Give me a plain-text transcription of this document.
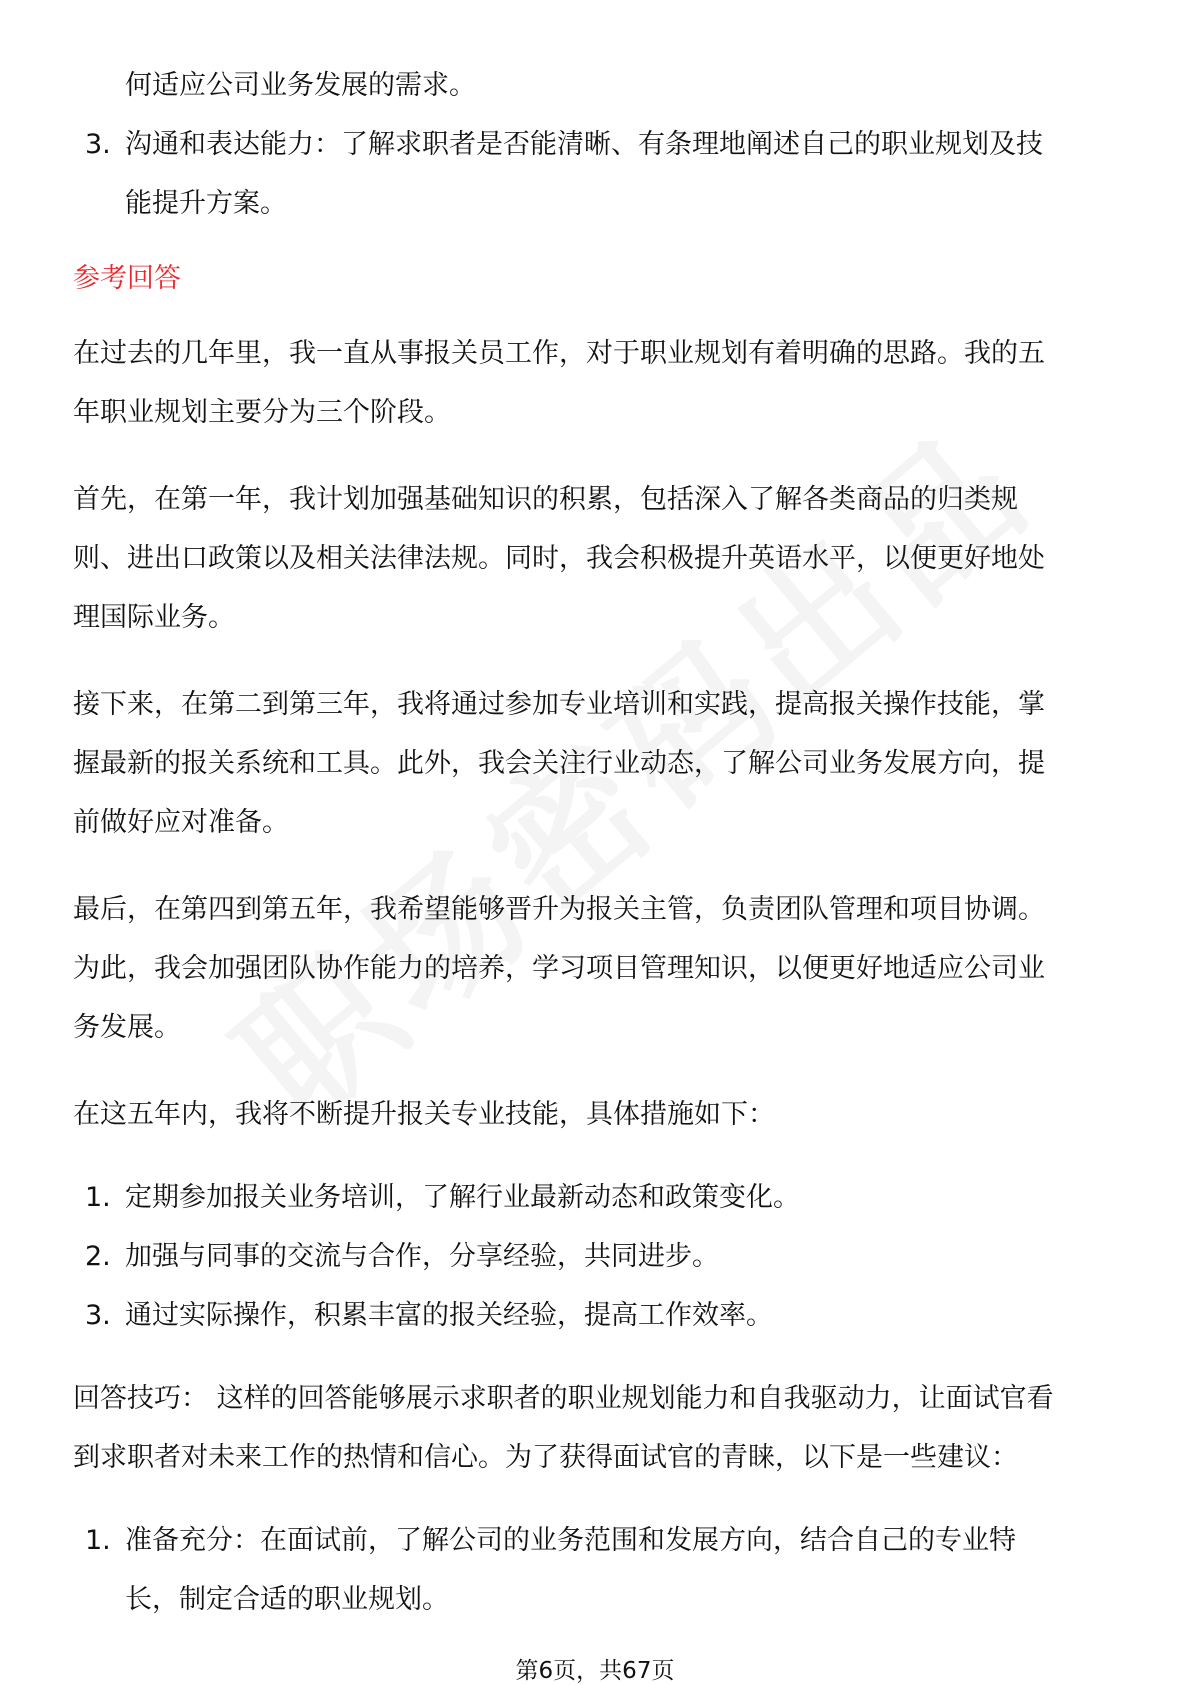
何适应公司业务发展的需求。

3. 沟通和表达能力：了解求职者是否能清晰、有条理地阐述自己的职业规划及技

能提升方案。

参考回答

在过去的几年里，我一直从事报关员工作，对于职业规划有着明确的思路。我的五

年职业规划主要分为三个阶段。

首先，在第一年，我计划加强基础知识的积累，包括深入了解各类商品的归类规

则、进出口政策以及相关法律法规。同时，我会积极提升英语水平，以便更好地处

理国际业务。

接下来，在第二到第三年，我将通过参加专业培训和实践，提高报关操作技能，掌

握最新的报关系统和工具。此外，我会关注行业动态，了解公司业务发展方向，提

前做好应对准备。

最后，在第四到第五年，我希望能够晋升为报关主管，负责团队管理和项目协调。

为此，我会加强团队协作能力的培养，学习项目管理知识，以便更好地适应公司业

务发展。

在这五年内，我将不断提升报关专业技能，具体措施如下：

1. 定期参加报关业务培训，了解行业最新动态和政策变化。

2. 加强与同事的交流与合作，分享经验，共同进步。

3. 通过实际操作，积累丰富的报关经验，提高工作效率。

回答技巧： 这样的回答能够展示求职者的职业规划能力和自我驱动力，让面试官看

到求职者对未来工作的热情和信心。为了获得面试官的青睐，以下是一些建议：

1. 准备充分：在面试前，了解公司的业务范围和发展方向，结合自己的专业特

长，制定合适的职业规划。

第6页，共67页
